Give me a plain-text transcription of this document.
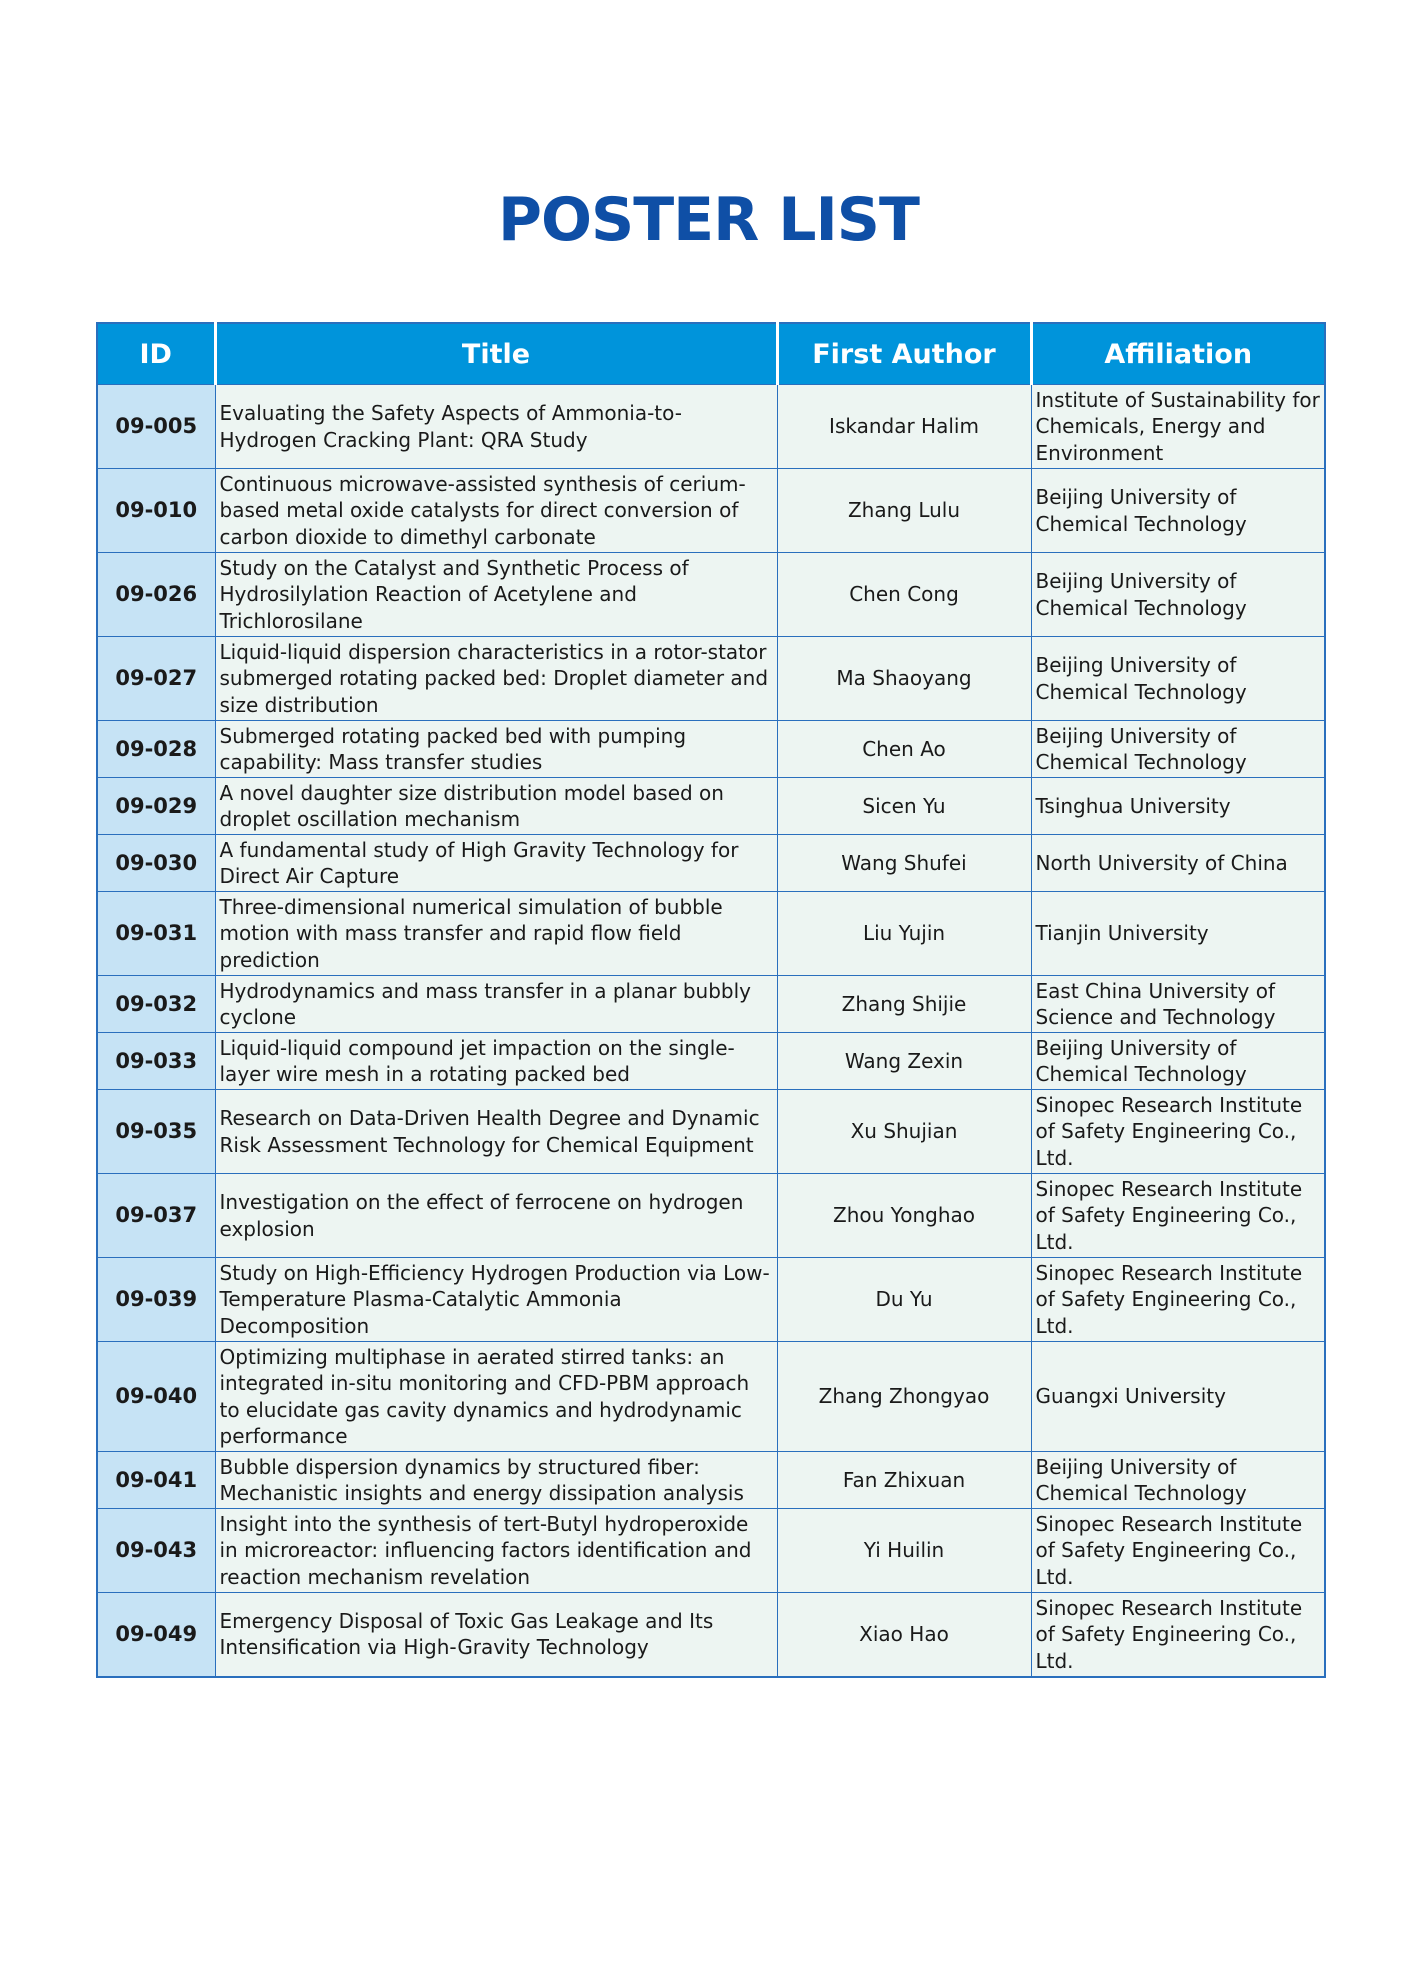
POSTER LIST
ID	Title	First Author	Affiliation
09-005	Evaluating the Safety Aspects of Ammonia-to-Hydrogen Cracking Plant: QRA Study	Iskandar Halim	Institute of Sustainability for Chemicals, Energy and Environment
09-010	Continuous microwave-assisted synthesis of cerium-based metal oxide catalysts for direct conversion of carbon dioxide to dimethyl carbonate	Zhang Lulu	Beijing University of Chemical Technology
09-026	Study on the Catalyst and Synthetic Process of Hydrosilylation Reaction of Acetylene and Trichlorosilane	Chen Cong	Beijing University of Chemical Technology
09-027	Liquid-liquid dispersion characteristics in a rotor-stator submerged rotating packed bed: Droplet diameter and size distribution	Ma Shaoyang	Beijing University of Chemical Technology
09-028	Submerged rotating packed bed with pumping capability: Mass transfer studies	Chen Ao	Beijing University of Chemical Technology
09-029	A novel daughter size distribution model based on droplet oscillation mechanism	Sicen Yu	Tsinghua University
09-030	A fundamental study of High Gravity Technology for Direct Air Capture	Wang Shufei	North University of China
09-031	Three-dimensional numerical simulation of bubble motion with mass transfer and rapid flow field prediction	Liu Yujin	Tianjin University
09-032	Hydrodynamics and mass transfer in a planar bubbly cyclone	Zhang Shijie	East China University of Science and Technology
09-033	Liquid-liquid compound jet impaction on the single-layer wire mesh in a rotating packed bed	Wang Zexin	Beijing University of Chemical Technology
09-035	Research on Data-Driven Health Degree and Dynamic Risk Assessment Technology for Chemical Equipment	Xu Shujian	Sinopec Research Institute of Safety Engineering Co., Ltd.
09-037	Investigation on the effect of ferrocene on hydrogen explosion	Zhou Yonghao	Sinopec Research Institute of Safety Engineering Co., Ltd.
09-039	Study on High-Efficiency Hydrogen Production via Low-Temperature Plasma-Catalytic Ammonia Decomposition	Du Yu	Sinopec Research Institute of Safety Engineering Co., Ltd.
09-040	Optimizing multiphase in aerated stirred tanks: an integrated in-situ monitoring and CFD-PBM approach to elucidate gas cavity dynamics and hydrodynamic performance	Zhang Zhongyao	Guangxi University
09-041	Bubble dispersion dynamics by structured fiber: Mechanistic insights and energy dissipation analysis	Fan Zhixuan	Beijing University of Chemical Technology
09-043	Insight into the synthesis of tert-Butyl hydroperoxide in microreactor: influencing factors identification and reaction mechanism revelation	Yi Huilin	Sinopec Research Institute of Safety Engineering Co., Ltd.
09-049	Emergency Disposal of Toxic Gas Leakage and Its Intensification via High-Gravity Technology	Xiao Hao	Sinopec Research Institute of Safety Engineering Co., Ltd.
